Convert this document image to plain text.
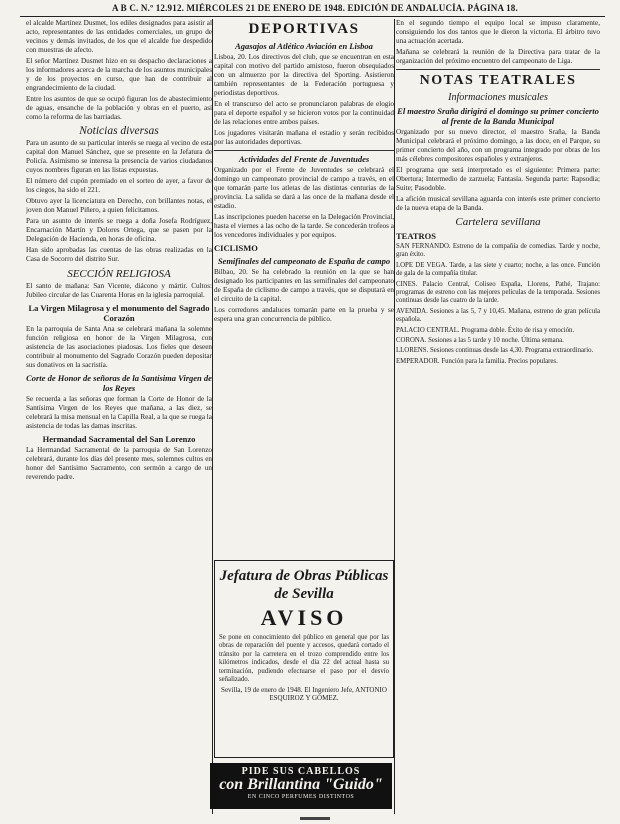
A B C. N.º 12.912. MIÉRCOLES 21 DE ENERO DE 1948. EDICIÓN DE ANDALUCÍA. PÁGINA 18.

el alcalde Martínez Dusmet, los ediles designados para asistir al acto, representantes de las entidades comerciales, un grupo de vecinos y demás invitados, de los que el alcalde fue despedido con muestras de afecto.

El señor Martínez Dusmet hizo en su despacho declaraciones a los informadores acerca de la marcha de los asuntos municipales y de los proyectos en curso, que han de contribuir al engrandecimiento de la ciudad.

Entre los asuntos de que se ocupó figuran los de abastecimiento de aguas, ensanche de la población y obras en el puerto, así como la reforma de las barriadas.

Noticias diversas

Para un asunto de su particular interés se ruega al vecino de esta capital don Manuel Sánchez, que se presente en la Jefatura de Policía. Asimismo se interesa la presencia de varios ciudadanos cuyos nombres figuran en las listas expuestas.

El número del cupón premiado en el sorteo de ayer, a favor de los ciegos, ha sido el 221.

Obtuvo ayer la licenciatura en Derecho, con brillantes notas, el joven don Manuel Piñero, a quien felicitamos.

Para un asunto de interés se ruega a doña Josefa Rodríguez, Encarnación Martín y Dolores Ortega, que se pasen por la Delegación de Hacienda, en horas de oficina.

Han sido aprobadas las cuentas de las obras realizadas en la Casa de Socorro del distrito Sur.

SECCIÓN RELIGIOSA

El santo de mañana: San Vicente, diácono y mártir. Cultos: Jubileo circular de las Cuarenta Horas en la iglesia parroquial.

La Virgen Milagrosa y el monumento del Sagrado Corazón

En la parroquia de Santa Ana se celebrará mañana la solemne función religiosa en honor de la Virgen Milagrosa, con asistencia de las asociaciones piadosas. Los fieles que deseen contribuir al monumento del Sagrado Corazón pueden depositar sus donativos en la sacristía.

Corte de Honor de señoras de la Santísima Virgen de los Reyes

Se recuerda a las señoras que forman la Corte de Honor de la Santísima Virgen de los Reyes que mañana, a las diez, se celebrará la misa mensual en la Capilla Real, a la que se ruega la asistencia de todas las damas inscritas.

Hermandad Sacramental del San Lorenzo

La Hermandad Sacramental de la parroquia de San Lorenzo celebrará, durante los días del presente mes, solemnes cultos en honor del Santísimo Sacramento, con sermón a cargo de un reverendo padre.

DEPORTIVAS
Agasajos al Atlético Aviación en Lisboa

Lisboa, 20. Los directivos del club, que se encuentran en esta capital con motivo del partido amistoso, fueron obsequiados con un almuerzo por la directiva del Sporting. Asistieron también representantes de la Federación portuguesa y periodistas deportivos.

En el transcurso del acto se pronunciaron palabras de elogio para el deporte español y se hicieron votos por la continuidad de las relaciones entre ambos países.

Los jugadores visitarán mañana el estadio y serán recibidos por las autoridades deportivas.

Actividades del Frente de Juventudes

Organizado por el Frente de Juventudes se celebrará el domingo un campeonato provincial de campo a través, en el que tomarán parte los atletas de las distintas centurias de la provincia. La salida se dará a las once de la mañana desde el estadio.

Las inscripciones pueden hacerse en la Delegación Provincial, hasta el viernes a las ocho de la tarde. Se concederán trofeos a los vencedores individuales y por equipos.

CICLISMO
Semifinales del campeonato de España de campo

Bilbao, 20. Se ha celebrado la reunión en la que se han designado los participantes en las semifinales del campeonato de España de ciclismo de campo a través, que se disputará en el circuito de la capital.

Los corredores andaluces tomarán parte en la prueba y se espera una gran concurrencia de público.

Jefatura de Obras Públicas de Sevilla
AVISO

Se pone en conocimiento del público en general que por las obras de reparación del puente y accesos, quedará cortado el tránsito por la carretera en el trozo comprendido entre los kilómetros indicados, desde el día 22 del actual hasta su terminación, pudiendo efectuarse el paso por el desvío señalizado.

Sevilla, 19 de enero de 1948. El Ingeniero Jefe, ANTONIO ESQUIROZ Y GÓMEZ.
PIDE SUS CABELLOS
con Brillantina "Guido"
EN CINCO PERFUMES DISTINTOS

En el segundo tiempo el equipo local se impuso claramente, consiguiendo los dos tantos que le dieron la victoria. El árbitro tuvo una actuación acertada.

Mañana se celebrará la reunión de la Directiva para tratar de la organización del próximo encuentro del campeonato de Liga.

NOTAS TEATRALES
Informaciones musicales
El maestro Sraña dirigirá el domingo su primer concierto al frente de la Banda Municipal

Organizado por su nuevo director, el maestro Sraña, la Banda Municipal celebrará el próximo domingo, a las doce, en el Parque, su primer concierto del año, con un programa integrado por obras de los más célebres compositores españoles y extranjeros.

El programa que será interpretado es el siguiente: Primera parte: Obertura; Intermedio de zarzuela; Fantasía. Segunda parte: Rapsodia; Suite; Pasodoble.

La afición musical sevillana aguarda con interés este primer concierto de la nueva etapa de la Banda.

Cartelera sevillana
TEATROS

SAN FERNANDO. Estreno de la compañía de comedias. Tarde y noche, gran éxito.

LOPE DE VEGA. Tarde, a las siete y cuarto; noche, a las once. Función de gala de la compañía titular.

CINES. Palacio Central, Coliseo España, Llorens, Pathé, Trajano: programas de estreno con las mejores películas de la temporada. Sesiones continuas desde las cuatro de la tarde.

AVENIDA. Sesiones a las 5, 7 y 10,45. Mañana, estreno de gran película española.

PALACIO CENTRAL. Programa doble. Éxito de risa y emoción.

CORONA. Sesiones a las 5 tarde y 10 noche. Última semana.

LLORENS. Sesiones continuas desde las 4,30. Programa extraordinario.

EMPERADOR. Función para la familia. Precios populares.
